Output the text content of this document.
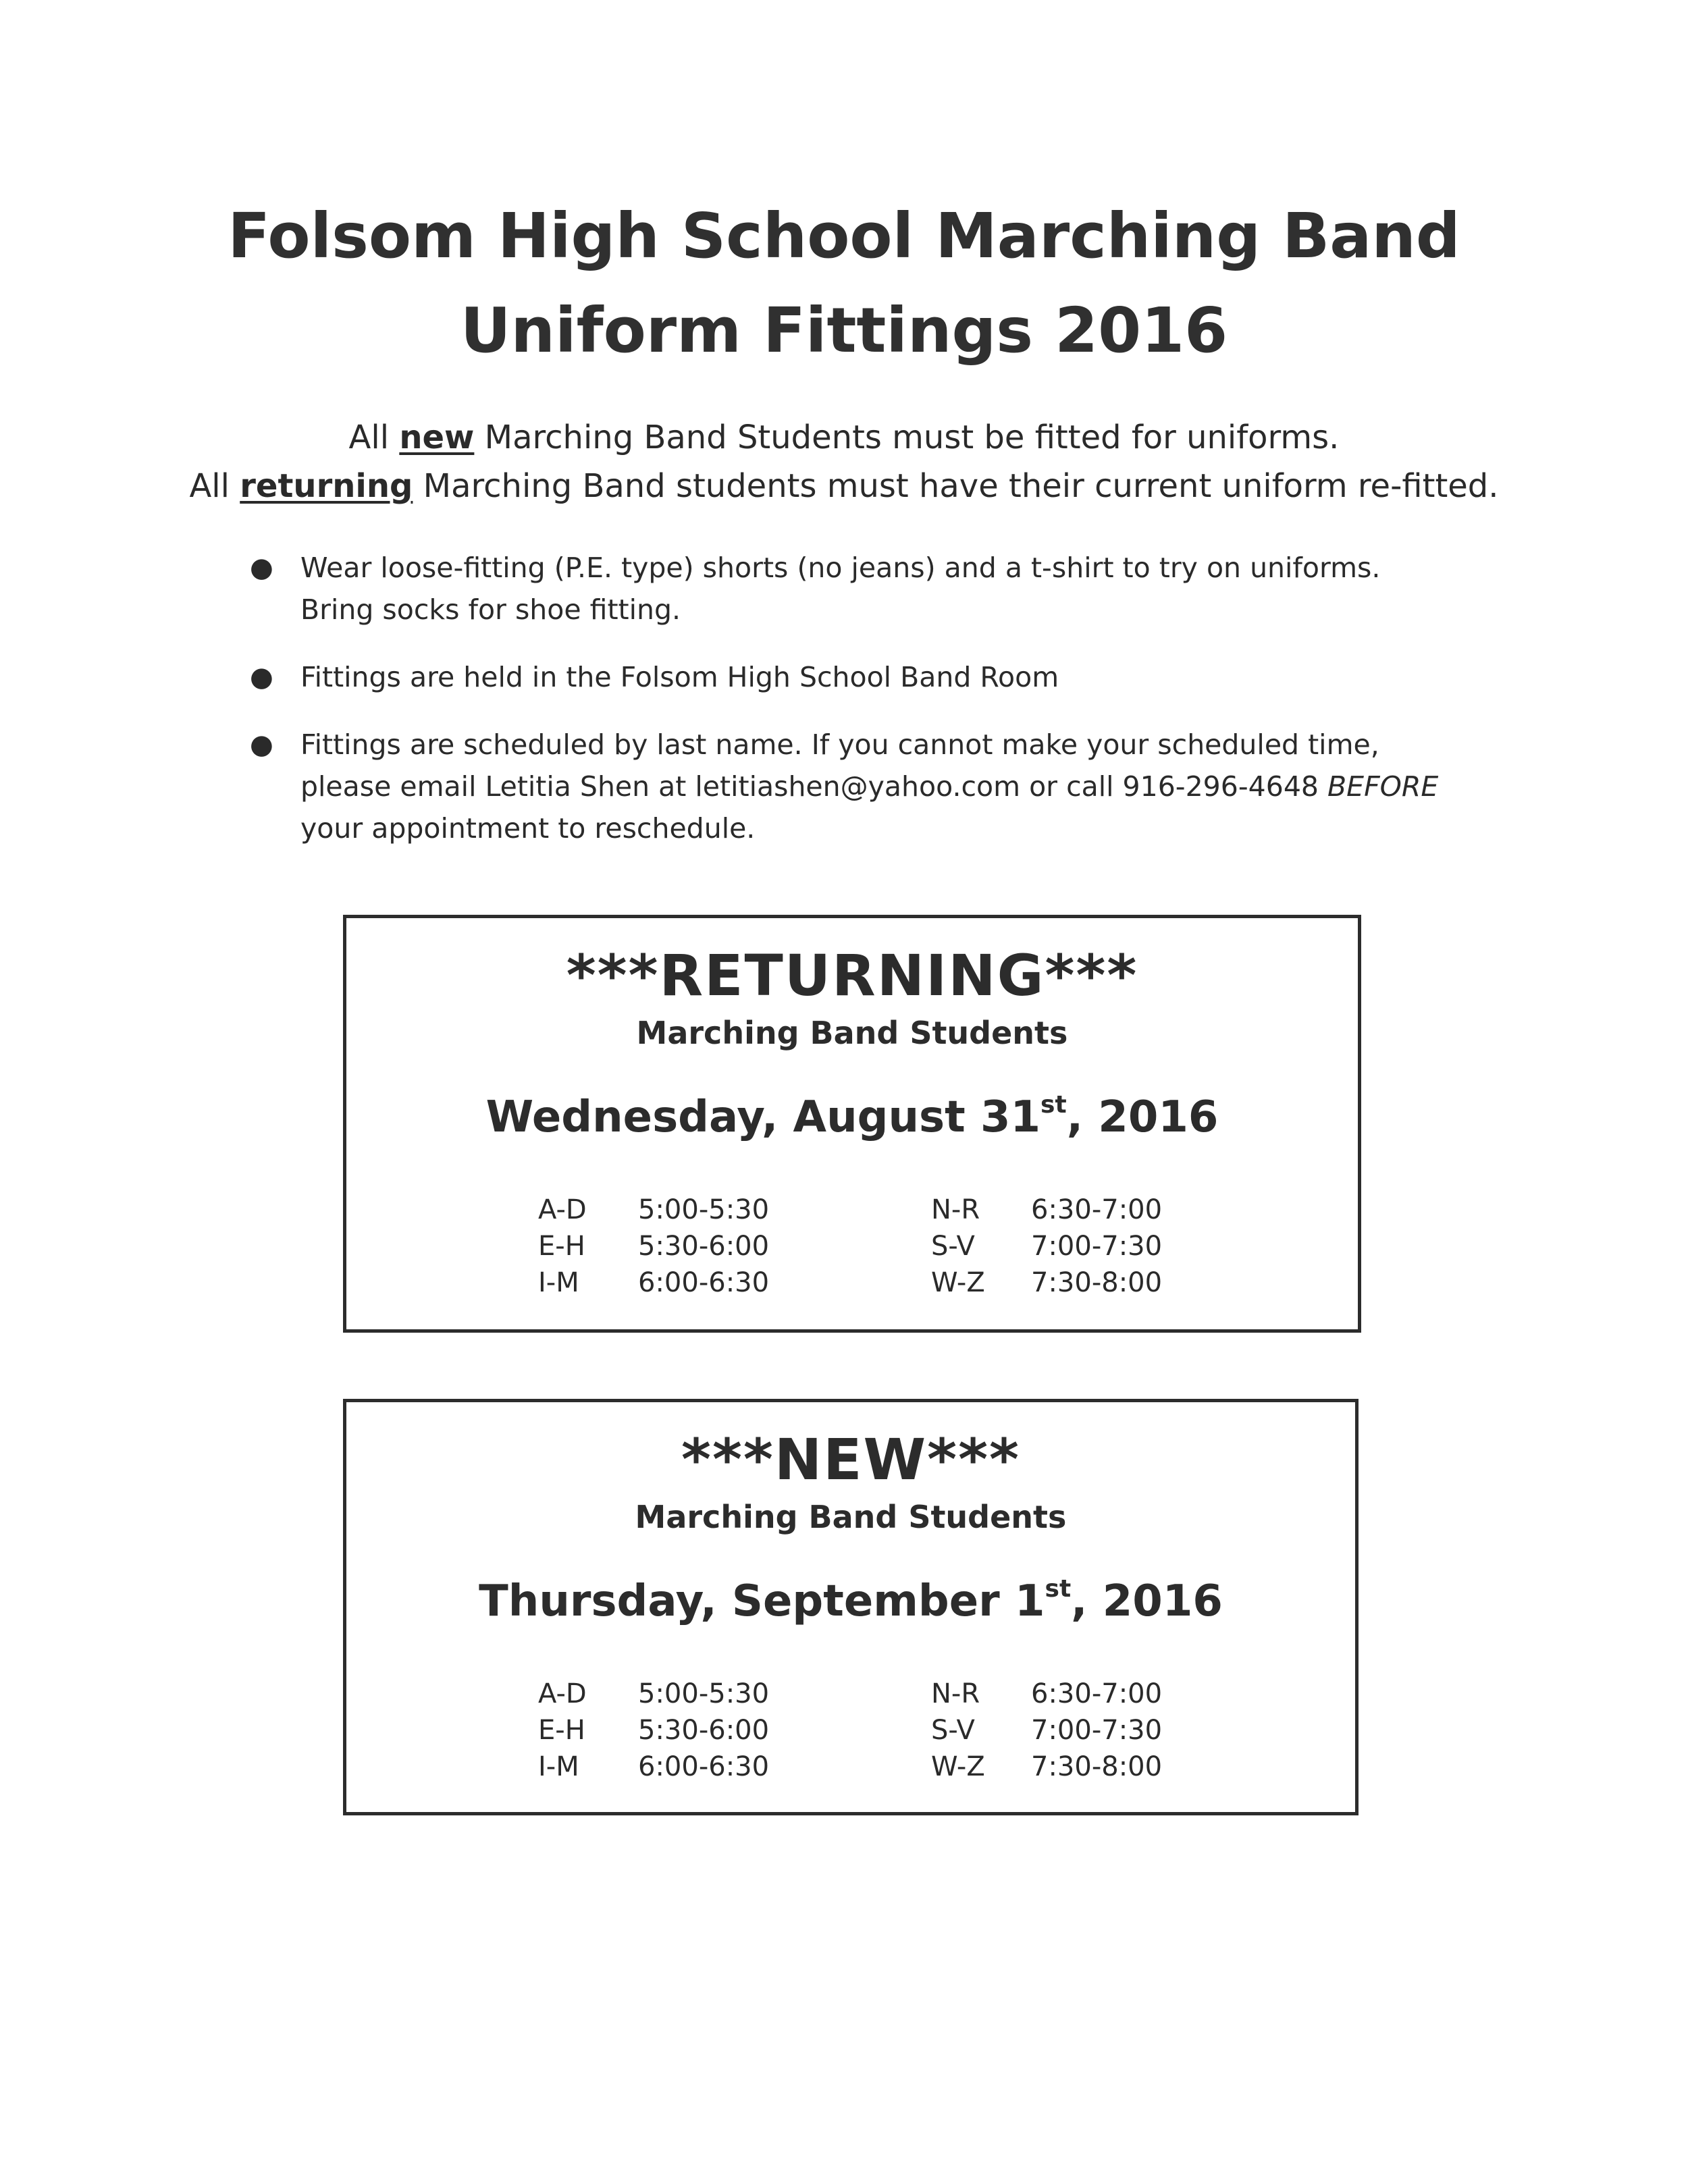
Folsom High School Marching Band
Uniform Fittings 2016
All new Marching Band Students must be fitted for uniforms.
All returning Marching Band students must have their current uniform re-fitted.
● Wear loose-fitting (P.E. type) shorts (no jeans) and a t-shirt to try on uniforms. Bring socks for shoe fitting.
● Fittings are held in the Folsom High School Band Room
● Fittings are scheduled by last name. If you cannot make your scheduled time, please email Letitia Shen at letitiashen@yahoo.com or call 916-296-4648 BEFORE your appointment to reschedule.
***RETURNING***
Marching Band Students
Wednesday, August 31st, 2016
A-D	5:00-5:30
E-H	5:30-6:00
I-M	6:00-6:30
N-R	6:30-7:00
S-V	7:00-7:30
W-Z	7:30-8:00
***NEW***
Marching Band Students
Thursday, September 1st, 2016
A-D	5:00-5:30
E-H	5:30-6:00
I-M	6:00-6:30
N-R	6:30-7:00
S-V	7:00-7:30
W-Z	7:30-8:00
